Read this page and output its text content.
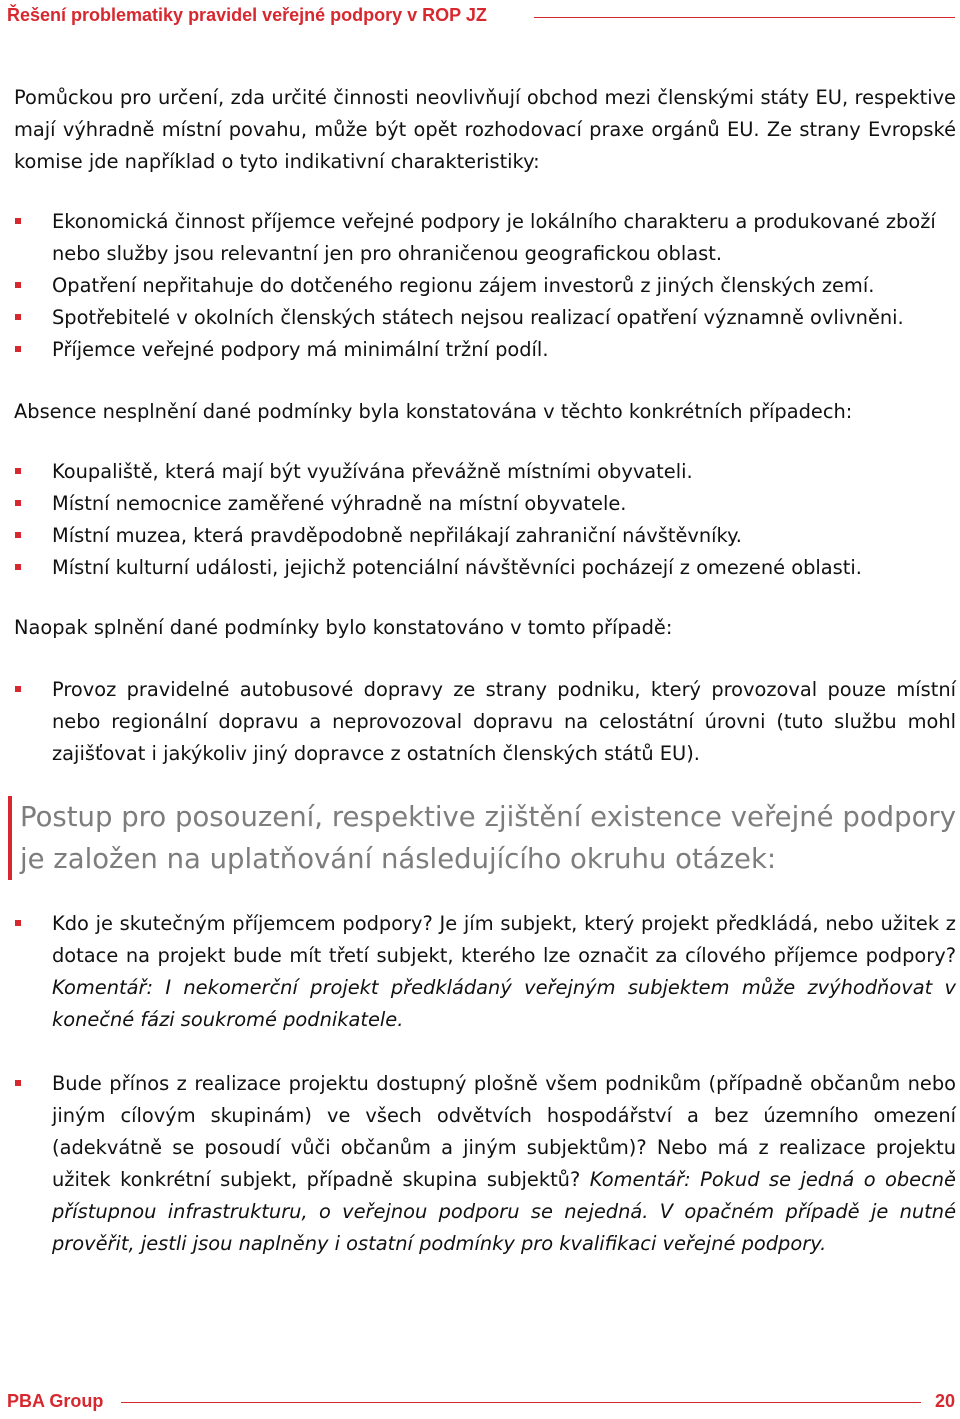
Řešení problematiky pravidel veřejné podpory v ROP JZ

Pomůckou pro určení, zda určité činnosti neovlivňují obchod mezi členskými státy EU, respektive mají výhradně místní povahu, může být opět rozhodovací praxe orgánů EU. Ze strany Evropské komise jde například o tyto indikativní charakteristiky:

Ekonomická činnost příjemce veřejné podpory je lokálního charakteru a produkované zboží nebo služby jsou relevantní jen pro ohraničenou geografickou oblast.
Opatření nepřitahuje do dotčeného regionu zájem investorů z jiných členských zemí.
Spotřebitelé v okolních členských státech nejsou realizací opatření významně ovlivněni.
Příjemce veřejné podpory má minimální tržní podíl.

Absence nesplnění dané podmínky byla konstatována v těchto konkrétních případech:

Koupaliště, která mají být využívána převážně místními obyvateli.
Místní nemocnice zaměřené výhradně na místní obyvatele.
Místní muzea, která pravděpodobně nepřilákají zahraniční návštěvníky.
Místní kulturní události, jejichž potenciální návštěvníci pocházejí z omezené oblasti.

Naopak splnění dané podmínky bylo konstatováno v tomto případě:

Provoz pravidelné autobusové dopravy ze strany podniku, který provozoval pouze místní nebo regionální dopravu a neprovozoval dopravu na celostátní úrovni (tuto službu mohl zajišťovat i jakýkoliv jiný dopravce z ostatních členských států EU).

Postup pro posouzení, respektive zjištění existence veřejné podpory je založen na uplatňování následujícího okruhu otázek:

Kdo je skutečným příjemcem podpory? Je jím subjekt, který projekt předkládá, nebo užitek z dotace na projekt bude mít třetí subjekt, kterého lze označit za cílového příjemce podpory? Komentář: I nekomerční projekt předkládaný veřejným subjektem může zvýhodňovat v konečné fázi soukromé podnikatele.
Bude přínos z realizace projektu dostupný plošně všem podnikům (případně občanům nebo jiným cílovým skupinám) ve všech odvětvích hospodářství a bez územního omezení (adekvátně se posoudí vůči občanům a jiným subjektům)? Nebo má z realizace projektu užitek konkrétní subjekt, případně skupina subjektů? Komentář: Pokud se jedná o obecně přístupnou infrastrukturu, o veřejnou podporu se nejedná. V opačném případě je nutné prověřit, jestli jsou naplněny i ostatní podmínky pro kvalifikaci veřejné podpory.
PBA Group	20
